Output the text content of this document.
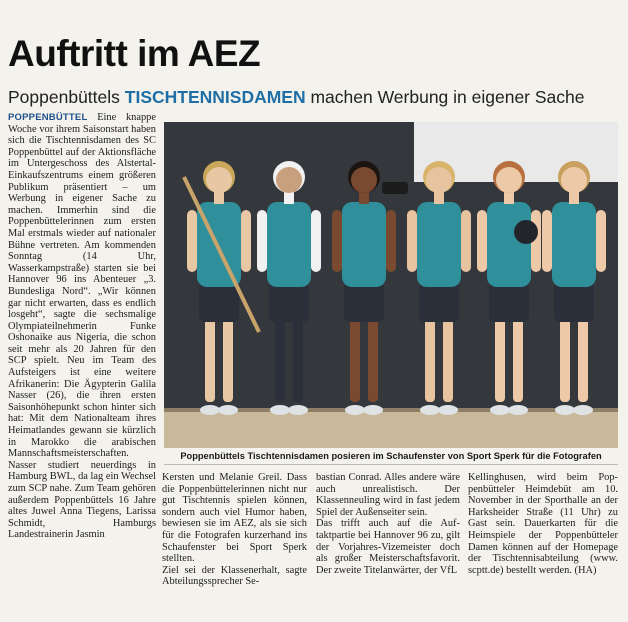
Auftritt im AEZ
Poppenbüttels TISCHTENNISDAMEN machen Werbung in eigener Sache

POPPENBÜTTEL Eine knappe Woche vor ihrem Saisonstart haben sich die Tischtennisdamen des SC Poppenbüttel auf der Aktionsfläche im Untergeschoss des Alstertal-Einkaufszentrums einem größeren Publikum präsentiert – um Werbung in eigener Sache zu machen. Immerhin sind die Poppenbüttelerinnen zum ersten Mal erstmals wieder auf nationaler Bühne vertreten. Am kommenden Sonntag (14 Uhr, Wasserkampstraße) starten sie bei Hannover 96 ins Abenteuer „3. Bundesliga Nord“. „Wir können gar nicht erwarten, dass es endlich losgeht“, sagte die sechsmalige Olympiateilnehmerin Funke Oshonaike aus Nigeria, die schon seit mehr als 20 Jahren für den SCP spielt. Neu im Team des Aufsteigers ist eine weitere Afrikanerin: Die Ägypterin Galila Nasser (26), die ihren ersten Saisonhöhepunkt schon hinter sich hat: Mit dem Nationalteam ihres Heimatlandes gewann sie kürzlich in Marokko die arabischen Mannschaftsmeisterschaften. Nasser studiert neuerdings in Hamburg BWL, da lag ein Wechsel zum SCP nahe. Zum Team gehören außerdem Poppenbüttels 16 Jahre altes Juwel Anna Tiegens, Larissa Schmidt, Hamburgs Landestrainerin Jasmin

Poppenbüttels Tischtennisdamen posieren im Schaufenster von Sport Sperk für die Fotografen

Kersten und Melanie Greil. Dass die Poppenbüttelerinnen nicht nur gut Tischtennis spielen können, sondern auch viel Humor haben, bewiesen sie im AEZ, als sie sich für die Fotografen kurzerhand ins Schaufenster bei Sport Sperk stellten.

Ziel sei der Klassenerhalt, sagte Abteilungssprecher Se-

bastian Conrad. Alles andere wäre auch unrealistisch. Der Klassenneuling wird in fast jedem Spiel der Außenseiter sein.

Das trifft auch auf die Auftaktpartie bei Hannover 96 zu, gilt der Vorjahres-Vizemeister doch als großer Meisterschaftsfavorit. Der zweite Titelanwärter, der VfL

Kellinghusen, wird beim Poppenbütteler Heimdebüt am 10. November in der Sporthalle an der Harksheider Straße (11 Uhr) zu Gast sein. Dauerkarten für die Heimspiele der Poppenbütteler Damen können auf der Homepage der Tischtennisabteilung (www. scptt.de) bestellt werden. (HA)
